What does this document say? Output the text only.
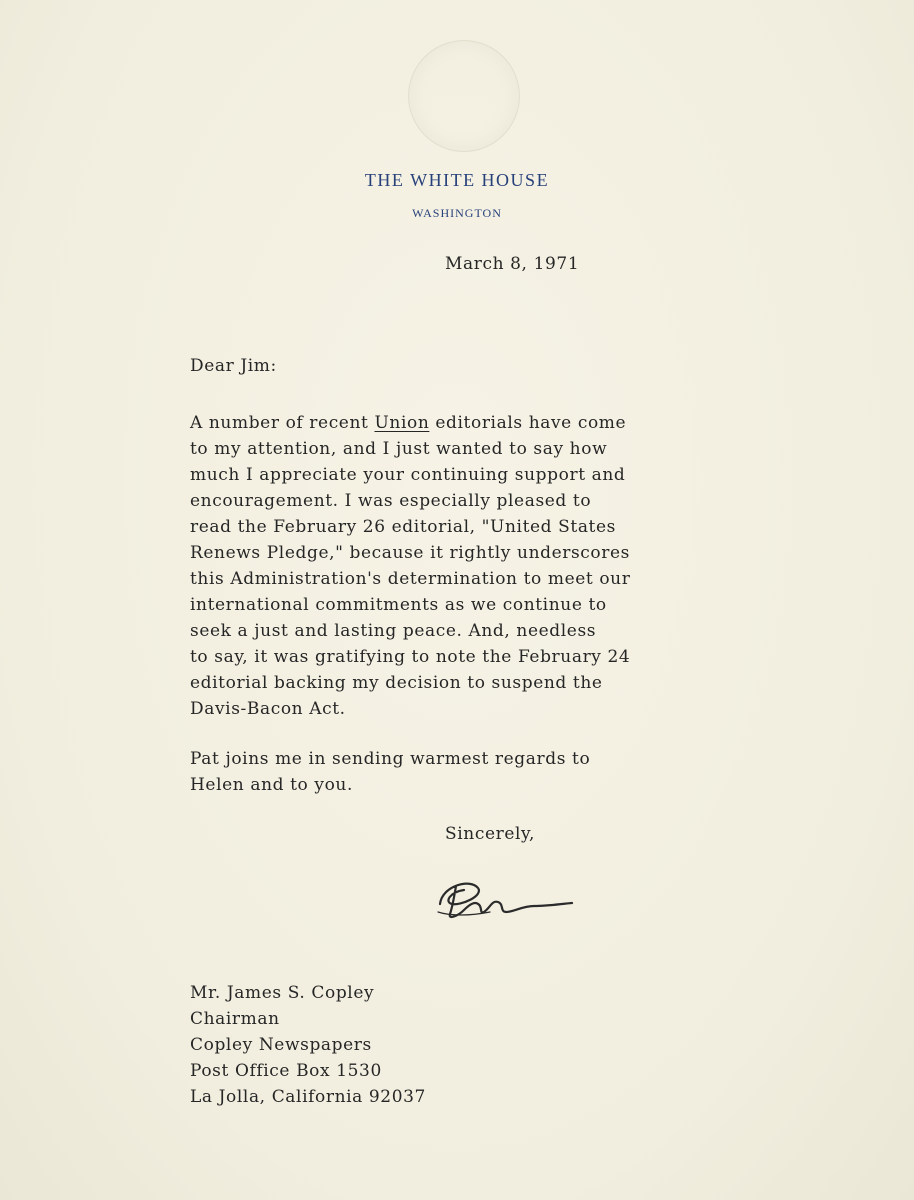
THE WHITE HOUSE
WASHINGTON
March 8, 1971
Dear Jim:
A number of recent Union editorials have come
to my attention, and I just wanted to say how
much I appreciate your continuing support and
encouragement. I was especially pleased to
read the February 26 editorial, "United States
Renews Pledge," because it rightly underscores
this Administration's determination to meet our
international commitments as we continue to
seek a just and lasting peace. And, needless
to say, it was gratifying to note the February 24
editorial backing my decision to suspend the
Davis-Bacon Act.
Pat joins me in sending warmest regards to
Helen and to you.
Sincerely,
Mr. James S. Copley
Chairman
Copley Newspapers
Post Office Box 1530
La Jolla, California 92037
